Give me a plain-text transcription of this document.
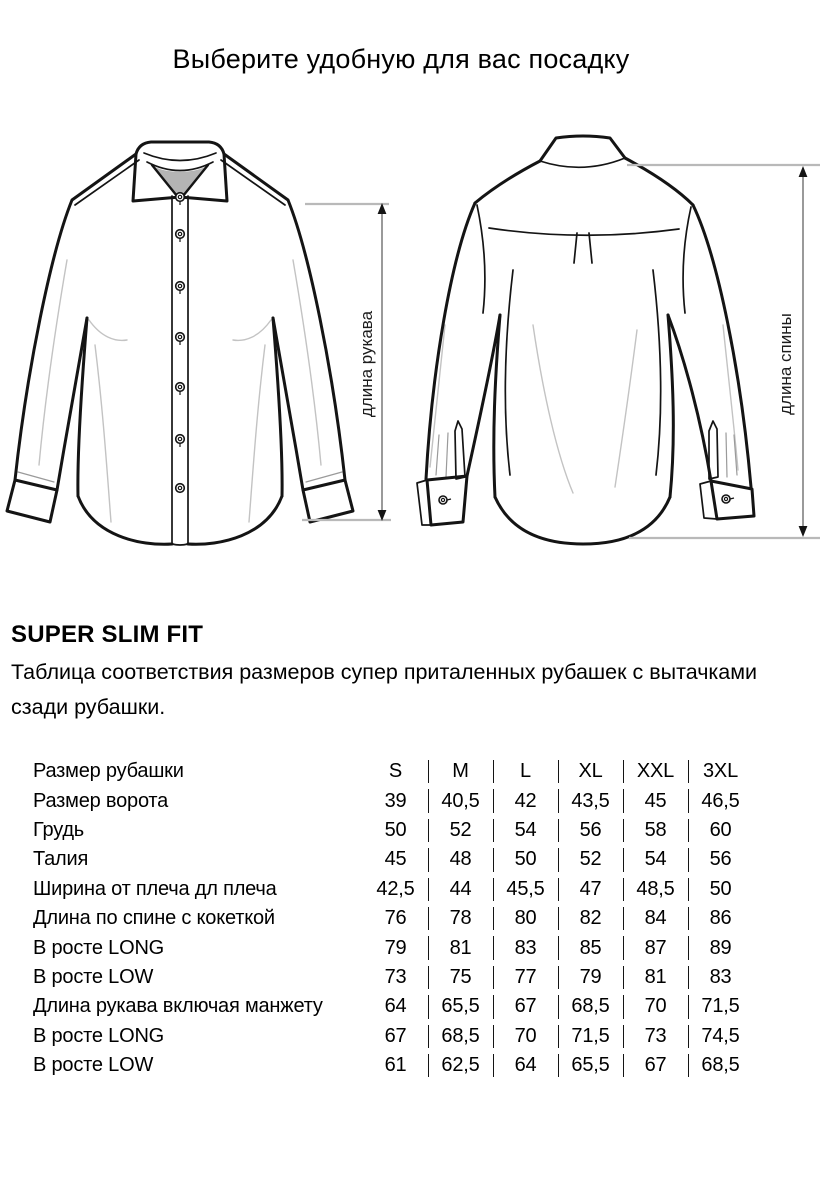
Выберите удобную для вас посадку
длина рукава	длина спины
SUPER SLIM FIT
Таблица соответствия размеров супер приталенных рубашек с вытачками сзади рубашки.
Размер рубашки	S	M	L	XL	XXL	3XL
Размер ворота	39	40,5	42	43,5	45	46,5
Грудь	50	52	54	56	58	60
Талия	45	48	50	52	54	56
Ширина от плеча дл плеча	42,5	44	45,5	47	48,5	50
Длина по спине с кокеткой	76	78	80	82	84	86
В росте LONG	79	81	83	85	87	89
В росте LOW	73	75	77	79	81	83
Длина рукава включая манжету	64	65,5	67	68,5	70	71,5
В росте LONG	67	68,5	70	71,5	73	74,5
В росте LOW	61	62,5	64	65,5	67	68,5
